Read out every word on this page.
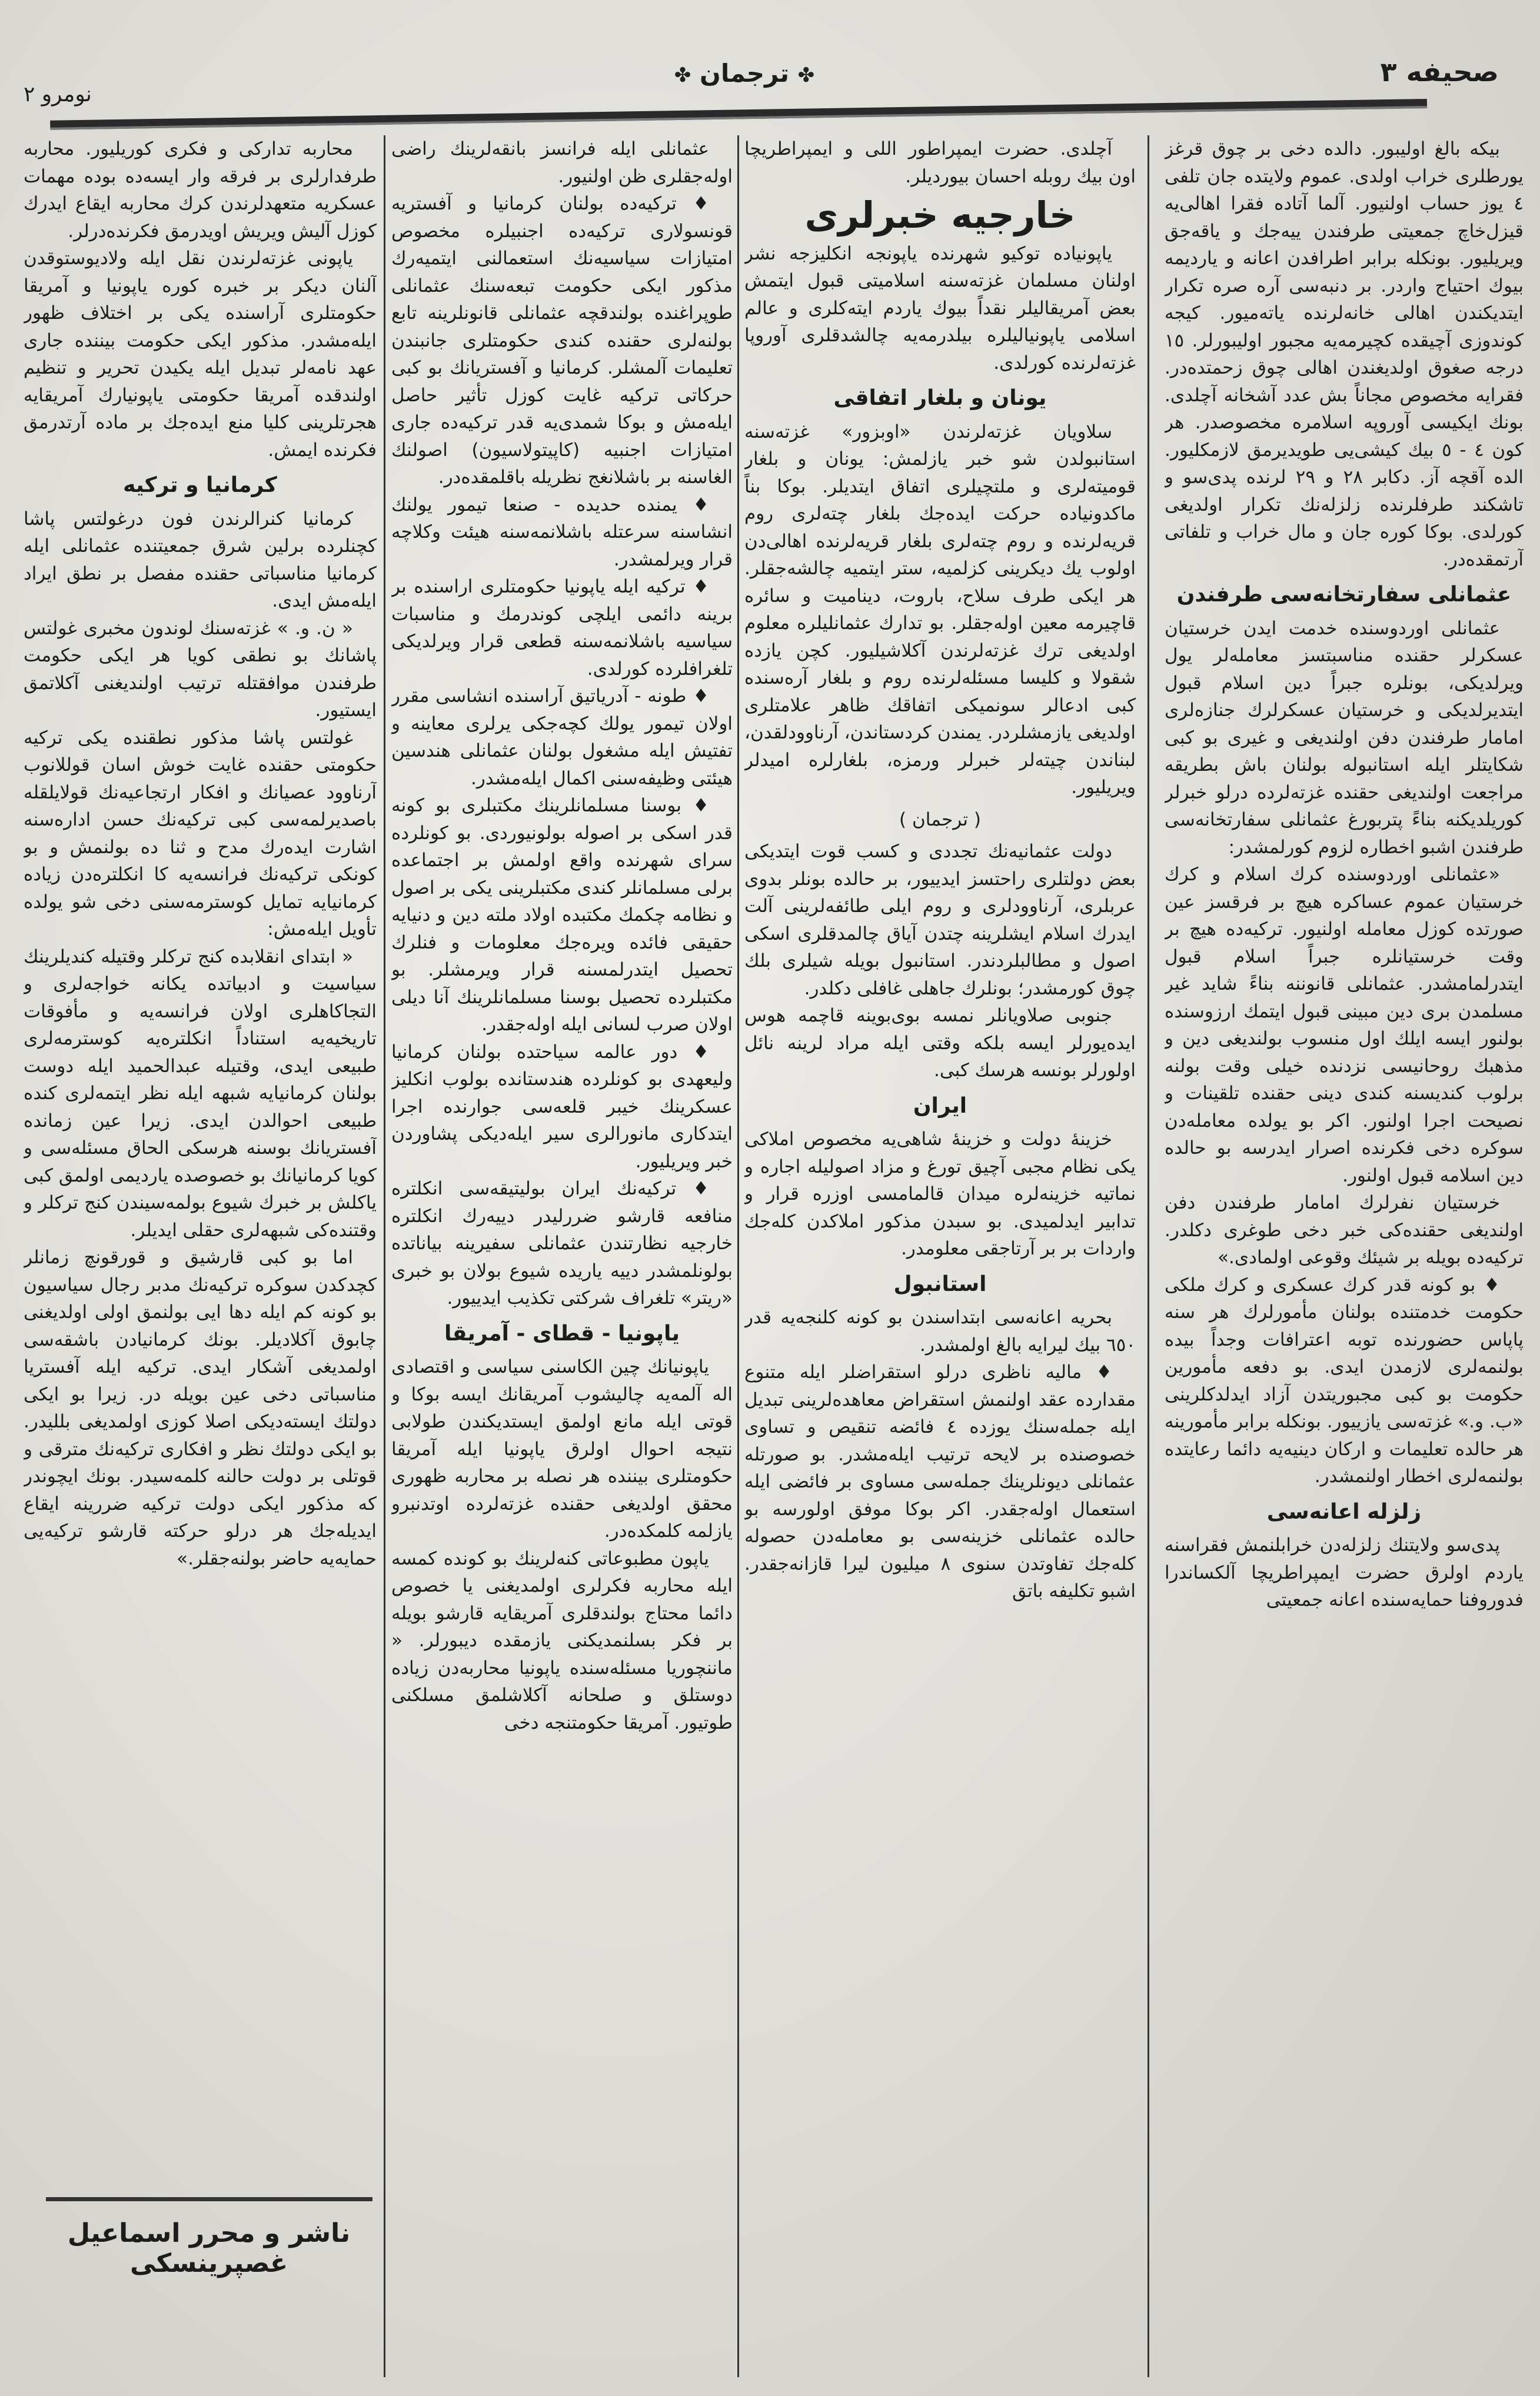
صحیفه ٣
✤ ترجمان ✤
نومرو ٢

بیکه بالغ اولیبور. دالده دخی بر چوق قرغز یورطلری خراب اولدی. عموم ولایتده جان تلفی ٤ یوز حساب اولنیور. آلما آتاده فقرا اهالی‌یه قیزل‌خاچ جمعیتی طرفندن ییه‌جك و یاقه‌جق ویریلیور. بونکله برابر اطرافدن اعانه و یاردیمه بیوك احتیاج واردر. بر دنبه‌سی آره صره تکرار ایتدیکندن اهالی خانه‌لرنده یاته‌میور. کیجه کوندوزی آچیقده کچیرمه‌یه مجبور اولیبورلر. ١٥ درجه صغوق اولدیغندن اهالی چوق زحمتده‌در. فقرایه مخصوص مجاناً بش عدد آشخانه آچلدی. بونك ایکیسی آوروپه اسلامره مخصوصدر. هر کون ٤ - ٥ بیك کیشی‌یی طویدیرمق لازمکلیور. الده آقچه آز. دکابر ٢٨ و ٢٩ لرنده پدی‌سو و تاشکند طرفلرنده زلزله‌نك تکرار اولدیغی کورلدی. بوکا کوره جان و مال خراب و تلفاتی آرتمقده‌در.

عثمانلی سفارتخانه‌سی طرفندن

عثمانلی اوردوسنده خدمت ایدن خرستیان عسکرلر حقنده مناسبتسز معامله‌لر یول ویرلدیکی، بونلره جبراً دین اسلام قبول ایتدیرلدیکی و خرستیان عسکرلرك جنازه‌لری امامار طرفندن دفن اولندیغی و غیری بو کبی شکایتلر ایله استانبوله بولنان باش بطریقه مراجعت اولندیغی حقنده غزته‌لرده درلو خبرلر کوریلدیکنه بناءً پتربورغ عثمانلی سفارتخانه‌سی طرفندن اشبو اخطاره لزوم کورلمشدر:

«عثمانلی اوردوسنده کرك اسلام و کرك خرستیان عموم عساکره هیچ بر فرقسز عین صورتده کوزل معامله اولنیور. ترکیه‌ده هیچ بر وقت خرستیانلره جبراً اسلام قبول ایتدرلمامشدر. عثمانلی قانوننه بناءً شاید غیر مسلمدن بری دین مبینی قبول ایتمك ارزوسنده بولنور ایسه ایلك اول منسوب بولندیغی دین و مذهبك روحانیسی نزدنده خیلی وقت بولنه برلوب کندیسنه کندی دینی حقنده تلقینات و نصیحت اجرا اولنور. اکر بو یولده معامله‌دن سوکره دخی فکرنده اصرار ایدرسه بو حالده دین اسلامه قبول اولنور.

خرستیان نفرلرك امامار طرفندن دفن اولندیغی حقنده‌کی خبر دخی طوغری دکلدر. ترکیه‌ده بویله بر شیئك وقوعی اولمادی.»

♦ بو کونه قدر کرك عسکری و کرك ملکی حکومت خدمتنده بولنان مأمورلرك هر سنه پاپاس حضورنده توبه اعترافات وجداً بیده بولنمه‌لری لازمدن ایدی. بو دفعه مأمورین حکومت بو کبی مجبوریتدن آزاد ایدلدکلرینی «ب. و.» غزته‌سی یازییور. بونکله برابر مأمورینه هر حالده تعلیمات و ارکان دینیه‌یه دائما رعایتده بولنمه‌لری اخطار اولنمشدر.

زلزله اعانه‌سی

پدی‌سو ولایتنك زلزله‌دن خرابلنمش فقراسنه یاردم اولرق حضرت ایمپراطریچا آلکساندرا فدوروفنا حمایه‌سنده اعانه جمعیتی

آچلدی. حضرت ایمپراطور اللی و ایمپراطریچا اون بیك روبله احسان بیوردیلر.

خارجیه خبرلری

یاپونیاده توکیو شهرنده یاپونجه انکلیزجه نشر اولنان مسلمان غزته‌سنه اسلامیتی قبول ایتمش بعض آمریقالیلر نقداً بیوك یاردم ایته‌کلری و عالم اسلامی یاپونیالیلره بیلدرمه‌یه چالشدقلری آوروپا غزته‌لرنده کورلدی.

یونان و بلغار اتفاقی

سلاویان غزته‌لرندن «اوبزور» غزته‌سنه استانبولدن شو خبر یازلمش: یونان و بلغار قومیته‌لری و ملتچیلری اتفاق ایتدیلر. بوکا بناً ماکدونیاده حرکت ایده‌جك بلغار چته‌لری روم قریه‌لرنده و روم چته‌لری بلغار قریه‌لرنده اهالی‌دن اولوب یك دیکرینی کزلمیه، ستر ایتمیه چالشه‌جقلر. هر ایکی طرف سلاح، باروت، دینامیت و سائره قاچیرمه معین اوله‌جقلر. بو تدارك عثمانلیلره معلوم اولدیغی ترك غزته‌لرندن آکلاشیلیور. کچن یازده شقولا و کلیسا مسئله‌لرنده روم و بلغار آره‌سنده کبی ادعالر سونمیکی اتفاقك ظاهر علامتلری اولدیغی یازمشلردر. یمندن کردستاندن، آرناوودلقدن، لبناندن چیته‌لر خبرلر ورمزه، بلغارلره امیدلر ویریلیور.

( ترجمان )

دولت عثمانیه‌نك تجددی و کسب قوت ایتدیکی بعض دولتلری راحتسز ایدییور، بر حالده بونلر بدوی عربلری، آرناوودلری و روم ایلی طائفه‌لرینی آلت ایدرك اسلام ایشلرینه چتدن آیاق چالمدقلری اسکی اصول و مطالبلردندر. استانبول بویله شیلری بلك چوق کورمشدر؛ بونلرك جاهلی غافلی دکلدر.

جنوبی صلاویانلر نمسه بوی‌بوینه‌ قاچمه هوس ایده‌یورلر ایسه بلکه وقتی ایله مراد لرینه نائل اولورلر بونسه هرسك کبی.

ایران

خزینهٔ دولت و خزینهٔ شاهی‌یه مخصوص املاکی یکی نظام مجبی آچیق تورغ و مزاد اصولیله اجاره و نماتیه خزینه‌لره میدان قالمامسی اوزره قرار و تدابیر ایدلمیدی. بو سبدن مذکور املاکدن کله‌جك واردات بر بر آرتاجقی معلومدر.

استانبول

بحریه اعانه‌سی ابتداسندن بو کونه کلنجه‌یه قدر ٦٥٠ بیك لیرایه بالغ اولمشدر.

♦ مالیه ناظری درلو استقراضلر ایله متنوع مقدارده عقد اولنمش استقراض معاهده‌لرینی تبدیل ایله جمله‌سنك یوزده ٤ فائضه تنقیص و تساوی خصوصنده بر لایحه ترتیب ایله‌مشدر. بو صورتله عثمانلی دیونلرینك جمله‌سی مساوی بر فائضی ایله استعمال اوله‌جقدر. اکر بوکا موفق اولورسه بو حالده عثمانلی خزینه‌سی بو معامله‌دن حصوله کله‌جك تفاوتدن سنوی ٨ میلیون لیرا قازانه‌جقدر. اشبو تکلیفه باتق

عثمانلی ایله فرانسز بانقه‌لرینك راضی اوله‌جقلری ظن اولنیور.

♦ ترکیه‌ده بولنان کرمانیا و آفستریه قونسولاری ترکیه‌ده اجنبیلره مخصوص امتیازات سیاسیه‌نك استعمالنی ایتمیه‌رك مذکور ایکی حکومت تبعه‌سنك عثمانلی طوپراغنده بولندقچه عثمانلی قانونلرینه تابع بولنه‌لری حقنده کندی حکومتلری جانبندن تعلیمات آلمشلر. کرمانیا و آفستریانك بو کبی حرکاتی ترکیه غایت کوزل تأثیر حاصل ایله‌مش و بوکا شمدی‌یه قدر ترکیه‌ده جاری امتیازات اجنبیه (کاپیتولاسیون) اصولنك الغاسنه بر باشلانغج نظریله باقلمقده‌در.

♦ یمنده حدیده - صنعا تیمور یولنك انشاسنه سرعتله باشلانمه‌سنه هیئت وکلاچه قرار ویرلمشدر.

♦ ترکیه ایله یاپونیا حکومتلری اراسنده بر برینه دائمی ایلچی کوندرمك و مناسبات سیاسیه باشلانمه‌سنه قطعی قرار ویرلدیکی تلغرافلرده کورلدی.

♦ طونه - آدریاتیق آراسنده انشاسی مقرر اولان تیمور یولك کچه‌جکی یرلری معاینه و تفتیش ایله مشغول بولنان عثمانلی هندسین هیئتی وظیفه‌سنی اکمال ایله‌مشدر.

♦ بوسنا مسلمانلرینك مکتبلری بو کونه قدر اسکی بر اصوله بولونیوردی. بو کونلرده سرای شهرنده واقع اولمش بر اجتماعده برلی مسلمانلر کندی مکتبلرینی یکی بر اصول و نظامه چکمك مکتبده اولاد ملته دین و دنیایه حقیقی فائده ویره‌جك معلومات و فنلرك تحصیل ایتدرلمسنه قرار ویرمشلر. بو مکتبلرده تحصیل بوسنا مسلمانلرینك آنا دیلی اولان صرب لسانی ایله اوله‌جقدر.

♦ دور عالمه سیاحتده بولنان کرمانیا ولیعهدی بو کونلرده هندستانده بولوب انکلیز عسکرینك خیبر قلعه‌سی جوارنده اجرا ایتدکاری مانورالری سیر ایله‌دیکی پشاوردن خبر ویریلیور.

♦ ترکیه‌نك ایران بولیتیقه‌سی انکلتره منافعه قارشو ضررلیدر دییه‌رك انکلتره خارجیه نظارتندن عثمانلی سفیرینه بیاناتده بولونلمشدر دییه یاریده شیوع بولان بو خبری «ریتر» تلغراف شرکتی تکذیب ایدییور.

یاپونیا - قطای - آمریقا

یاپونیانك چین الکاسنی سیاسی و اقتصادی اله آلمه‌یه چالیشوب آمریقانك ایسه بوکا و قوتی ایله مانع اولمق ایستدیکندن طولابی نتیجه احوال اولرق یاپونیا ایله آمریقا حکومتلری بیننده هر نصله بر محاربه ظهوری محقق اولدیغی حقنده غزته‌لرده اوتدنبرو یازلمه کلمکده‌در.

یاپون مطبوعاتی کنه‌لرینك بو کونده کمسه ایله محاربه فکرلری اولمدیغنی یا خصوص دائما محتاج بولندقلری آمریقایه قارشو بویله بر فکر بسلنمدیکنی یازمقده دیبورلر. « ماننچوریا مسئله‌سنده یاپونیا محاربه‌دن زیاده دوستلق و صلحانه آکلاشلمق مسلکنی طوتیور. آمریقا حکومتنجه دخی

محاربه تدارکی و فکری کوریلیور. محاربه طرفدارلری بر فرقه وار ایسه‌ده بوده مهمات عسکریه متعهدلرندن کرك محاربه ایقاع ایدرك کوزل آلیش ویریش اویدرمق فکرنده‌درلر.

یاپونی غزته‌لرندن نقل ایله ولادیوستوقدن آلنان دیکر بر خبره کوره یاپونیا و آمریقا حکومتلری آراسنده یکی بر اختلاف ظهور ایله‌مشدر. مذکور ایکی حکومت بیننده جاری عهد نامه‌لر تبدیل ایله یکیدن تحریر و تنظیم اولندقده آمریقا حکومتی یاپونیارك آمریقایه هجرتلرینی کلیا منع ایده‌جك بر ماده آرتدرمق فکرنده ایمش.

کرمانیا و ترکیه

کرمانیا کنرالرندن فون درغولتس پاشا کچنلرده برلین شرق جمعیتنده عثمانلی ایله کرمانیا مناسباتی حقنده مفصل بر نطق ایراد ایله‌مش ایدی.

« ن. و. » غزته‌سنك لوندون مخبری غولتس پاشانك بو نطقی کویا هر ایکی حکومت طرفندن موافقتله ترتیب اولندیغنی آکلاتمق ایستیور.

غولتس پاشا مذکور نطقنده یکی ترکیه حکومتی حقنده غایت خوش اسان قوللانوب آرناوود عصیانك و افکار ارتجاعیه‌نك قولایلقله باصدیرلمه‌سی کبی ترکیه‌نك حسن اداره‌سنه اشارت ایده‌رك مدح و ثنا ده بولنمش و بو کونکی ترکیه‌نك فرانسه‌یه کا انکلتره‌دن زیاده کرمانیایه تمایل کوسترمه‌سنی دخی شو یولده تأویل ایله‌مش:

« ابتدای انقلابده کنج ترکلر وقتیله کندیلرینك سیاسیت و ادبیاتده یکانه خواجه‌لری و التجاکاهلری اولان فرانسه‌یه و مأفوقات تاریخیه‌یه استناداً انکلتره‌یه کوسترمه‌لری طبیعی ایدی، وقتیله عبدالحمید ایله دوست بولنان کرمانیایه شبهه ایله نظر ایتمه‌لری کنده طبیعی احوالدن ایدی. زیرا عین زمانده آفستریانك بوسنه هرسکی الحاق مسئله‌سی و کویا کرمانیانك بو خصوصده یاردیمی اولمق کبی یاکلش بر خبرك شیوع بولمه‌سیندن کنج ترکلر و وقتنده‌کی شبهه‌لری حقلی ایدیلر.

اما بو کبی قارشیق و قورقونچ زمانلر کچدکدن سوکره ترکیه‌نك مدبر رجال سیاسیون بو کونه کم ایله دها ایی بولنمق اولی اولدیغنی چابوق آکلادیلر. بونك کرمانیادن باشقه‌سی اولمدیغی آشکار ایدی. ترکیه ایله آفستریا مناسباتی دخی عین بویله در. زیرا بو ایکی دولتك ایسته‌دیکی اصلا کوزی اولمدیغی بللیدر. بو ایکی دولتك نظر و افکاری ترکیه‌نك مترقی و قوتلی بر دولت حالنه کلمه‌سیدر. بونك ایچوندر که مذکور ایکی دولت ترکیه ضررینه ایقاع ایدیله‌جك هر درلو حرکته قارشو ترکیه‌یی حمایه‌یه حاضر بولنه‌جقلر.»

ناشر و محرر اسماعیل غصپرینسکی
